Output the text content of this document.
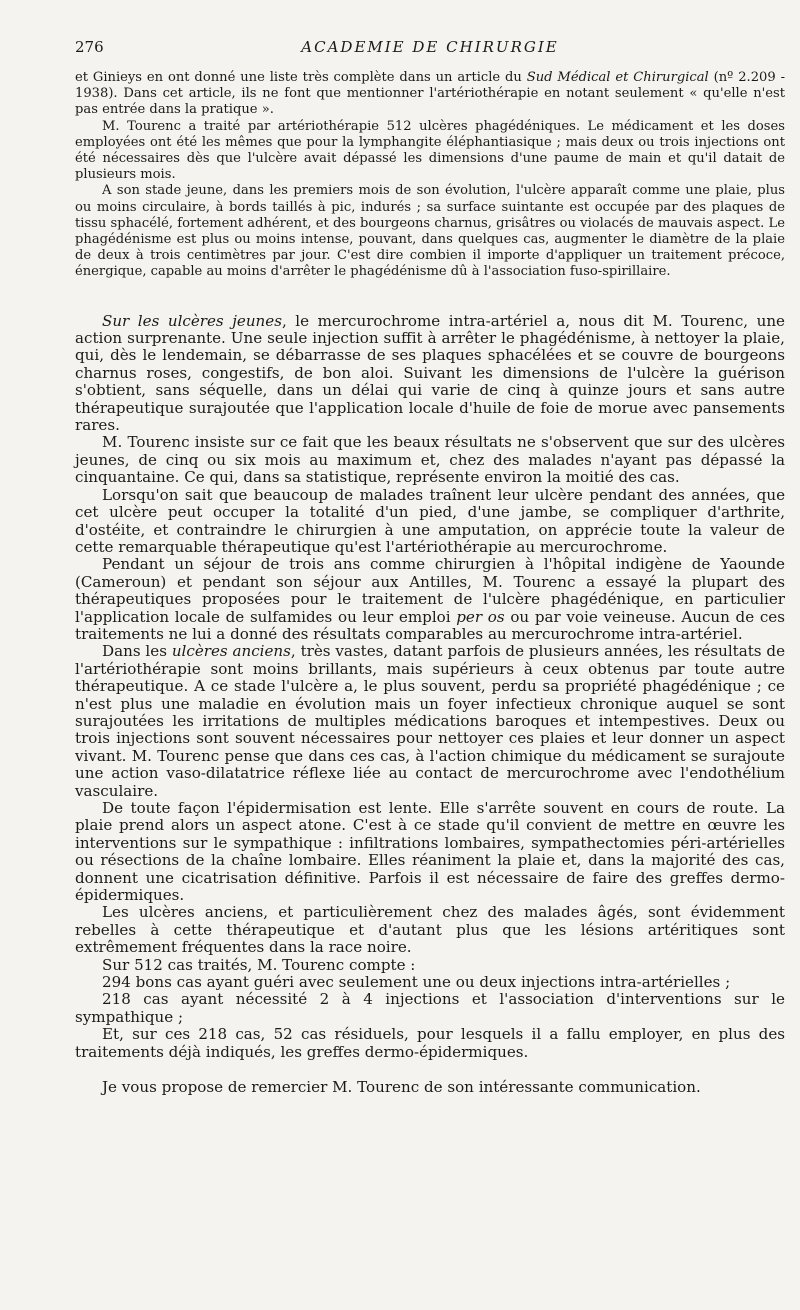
276	ACADEMIE DE CHIRURGIE

et Ginieys en ont donné une liste très complète dans un article du Sud Médical et Chirurgical (nº 2.209 - 1938). Dans cet article, ils ne font que mentionner l'artériothérapie en notant seulement « qu'elle n'est pas entrée dans la pratique ».

M. Tourenc a traité par artériothérapie 512 ulcères phagédéniques. Le médicament et les doses employées ont été les mêmes que pour la lymphangite éléphantiasique ; mais deux ou trois injections ont été nécessaires dès que l'ulcère avait dépassé les dimensions d'une paume de main et qu'il datait de plusieurs mois.

A son stade jeune, dans les premiers mois de son évolution, l'ulcère apparaît comme une plaie, plus ou moins circulaire, à bords taillés à pic, indurés ; sa surface suintante est occupée par des plaques de tissu sphacélé, fortement adhérent, et des bourgeons charnus, grisâtres ou violacés de mauvais aspect. Le phagédénisme est plus ou moins intense, pouvant, dans quelques cas, augmenter le diamètre de la plaie de deux à trois centimètres par jour. C'est dire combien il importe d'appliquer un traitement précoce, énergique, capable au moins d'arrêter le phagédénisme dû à l'association fuso-spirillaire.

Sur les ulcères jeunes, le mercurochrome intra-artériel a, nous dit M. Tourenc, une action surprenante. Une seule injection suffit à arrêter le phagédénisme, à nettoyer la plaie, qui, dès le lendemain, se débarrasse de ses plaques sphacélées et se couvre de bourgeons charnus roses, congestifs, de bon aloi. Suivant les dimensions de l'ulcère la guérison s'obtient, sans séquelle, dans un délai qui varie de cinq à quinze jours et sans autre thérapeutique surajoutée que l'application locale d'huile de foie de morue avec pansements rares.

M. Tourenc insiste sur ce fait que les beaux résultats ne s'observent que sur des ulcères jeunes, de cinq ou six mois au maximum et, chez des malades n'ayant pas dépassé la cinquantaine. Ce qui, dans sa statistique, représente environ la moitié des cas.

Lorsqu'on sait que beaucoup de malades traînent leur ulcère pendant des années, que cet ulcère peut occuper la totalité d'un pied, d'une jambe, se compliquer d'arthrite, d'ostéite, et contraindre le chirurgien à une amputation, on apprécie toute la valeur de cette remarquable thérapeutique qu'est l'artériothérapie au mercurochrome.

Pendant un séjour de trois ans comme chirurgien à l'hôpital indigène de Yaounde (Cameroun) et pendant son séjour aux Antilles, M. Tourenc a essayé la plupart des thérapeutiques proposées pour le traitement de l'ulcère phagédénique, en particulier l'application locale de sulfamides ou leur emploi per os ou par voie veineuse. Aucun de ces traitements ne lui a donné des résultats comparables au mercurochrome intra-artériel.

Dans les ulcères anciens, très vastes, datant parfois de plusieurs années, les résultats de l'artériothérapie sont moins brillants, mais supérieurs à ceux obtenus par toute autre thérapeutique. A ce stade l'ulcère a, le plus souvent, perdu sa propriété phagédénique ; ce n'est plus une maladie en évolution mais un foyer infectieux chronique auquel se sont surajoutées les irritations de multiples médications baroques et intempestives. Deux ou trois injections sont souvent nécessaires pour nettoyer ces plaies et leur donner un aspect vivant. M. Tourenc pense que dans ces cas, à l'action chimique du médicament se surajoute une action vaso-dilatatrice réflexe liée au contact de mercurochrome avec l'endothélium vasculaire.

De toute façon l'épidermisation est lente. Elle s'arrête souvent en cours de route. La plaie prend alors un aspect atone. C'est à ce stade qu'il convient de mettre en œuvre les interventions sur le sympathique : infiltrations lombaires, sympathectomies péri-artérielles ou résections de la chaîne lombaire. Elles réaniment la plaie et, dans la majorité des cas, donnent une cicatrisation définitive. Parfois il est nécessaire de faire des greffes dermo-épidermiques.

Les ulcères anciens, et particulièrement chez des malades âgés, sont évidemment rebelles à cette thérapeutique et d'autant plus que les lésions artéritiques sont extrêmement fréquentes dans la race noire.

Sur 512 cas traités, M. Tourenc compte :

294 bons cas ayant guéri avec seulement une ou deux injections intra-artérielles ;

218 cas ayant nécessité 2 à 4 injections et l'association d'interventions sur le sympathique ;

Et, sur ces 218 cas, 52 cas résiduels, pour lesquels il a fallu employer, en plus des traitements déjà indiqués, les greffes dermo-épidermiques.

Je vous propose de remercier M. Tourenc de son intéressante communication.
